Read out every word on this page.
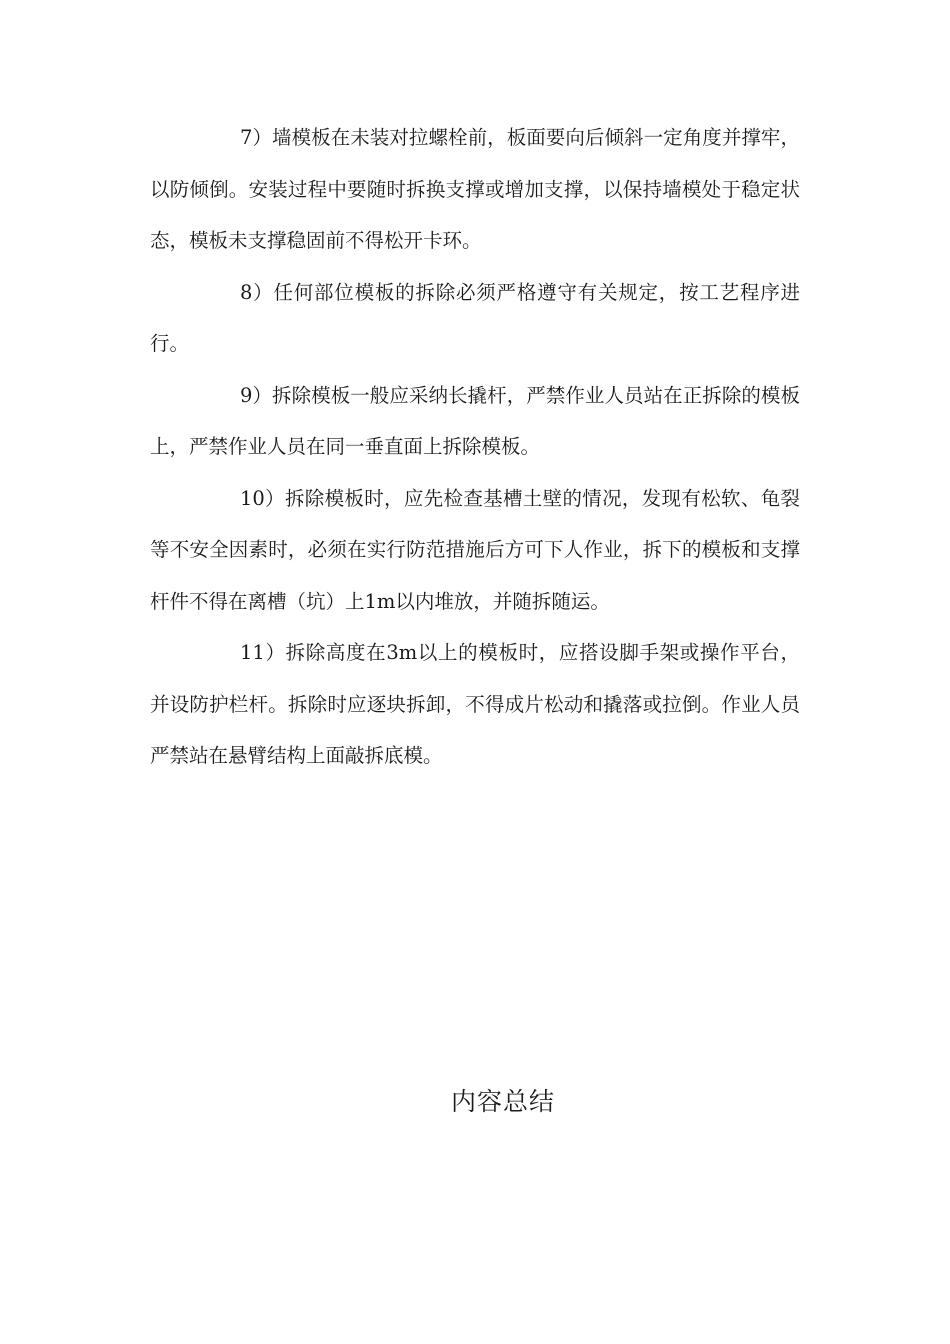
7）墙模板在未装对拉螺栓前，板面要向后倾斜一定角度并撑牢，以防倾倒。安装过程中要随时拆换支撑或增加支撑，以保持墙模处于稳定状态，模板未支撑稳固前不得松开卡环。

8）任何部位模板的拆除必须严格遵守有关规定，按工艺程序进行。

9）拆除模板一般应采纳长撬杆，严禁作业人员站在正拆除的模板上，严禁作业人员在同一垂直面上拆除模板。

10）拆除模板时，应先检查基槽土壁的情况，发现有松软、龟裂等不安全因素时，必须在实行防范措施后方可下人作业，拆下的模板和支撑杆件不得在离槽（坑）上1m以内堆放，并随拆随运。

11）拆除高度在3m以上的模板时，应搭设脚手架或操作平台，并设防护栏杆。拆除时应逐块拆卸，不得成片松动和撬落或拉倒。作业人员严禁站在悬臂结构上面敲拆底模。

内容总结
